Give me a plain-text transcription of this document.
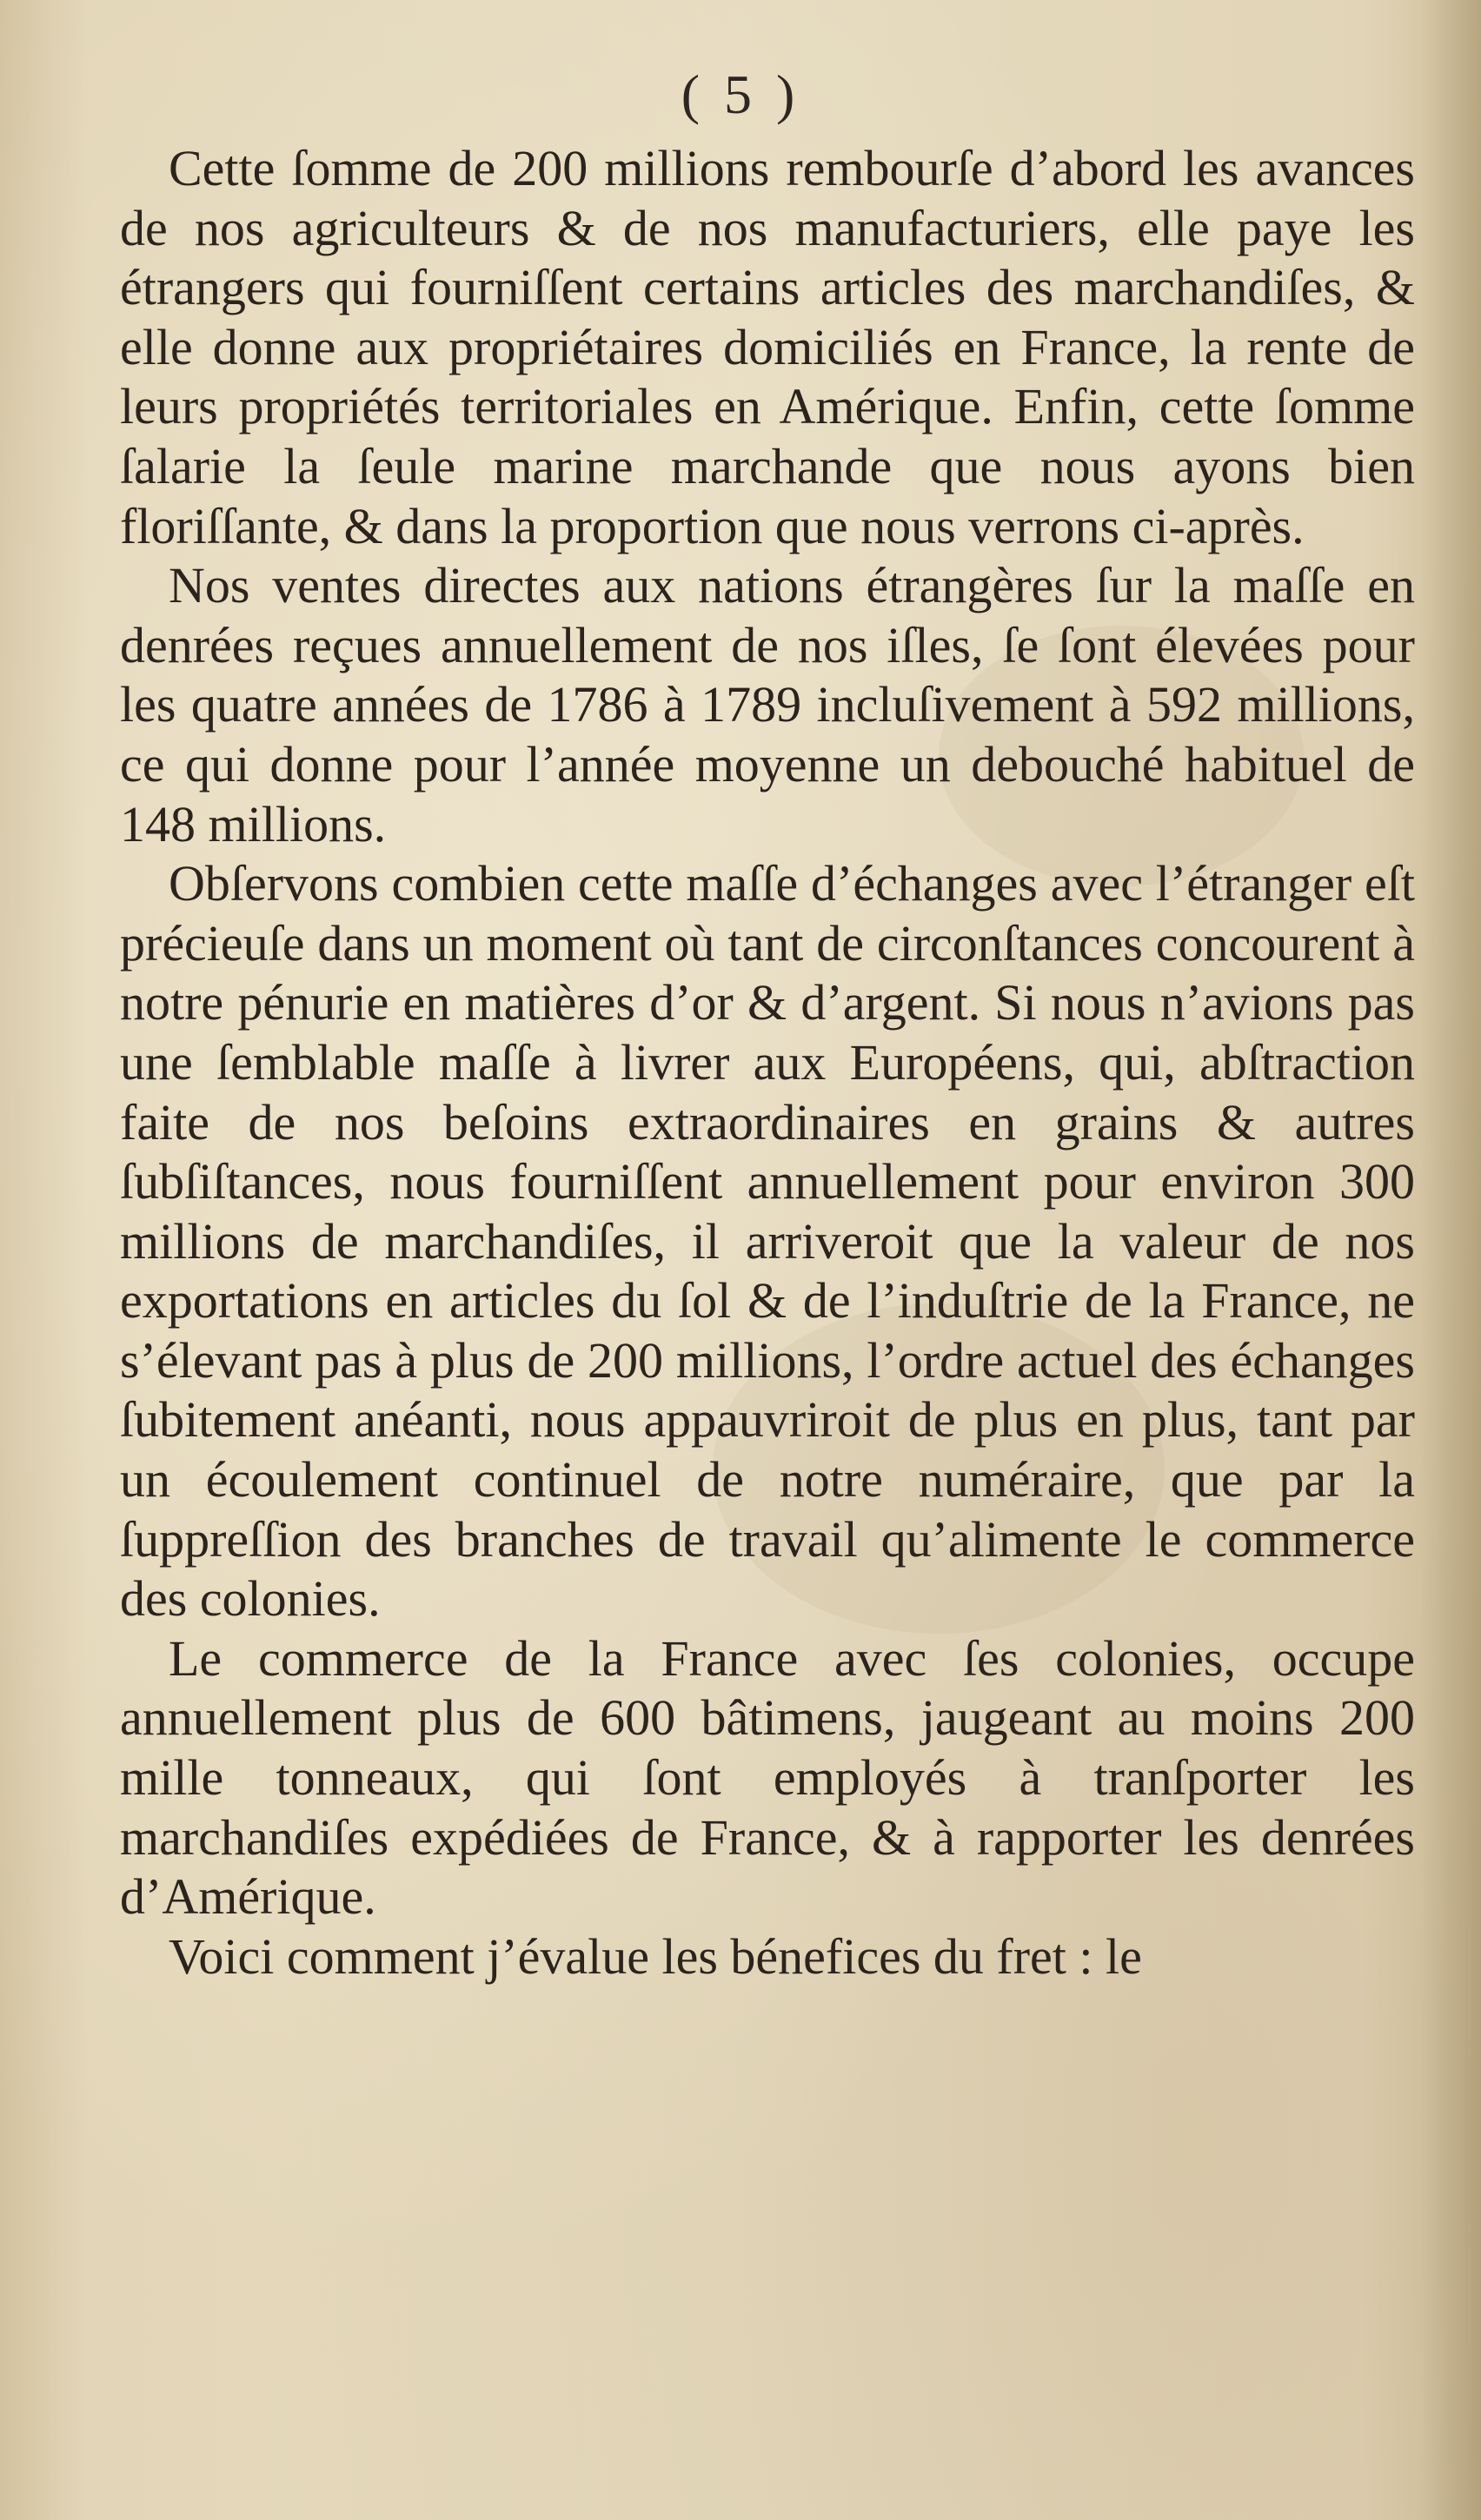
( 5 )

Cette ſomme de 200 millions rembourſe d’abord les avances de nos agriculteurs & de nos manufacturiers, elle paye les étrangers qui fourniſſent certains articles des marchandiſes, & elle donne aux propriétaires domiciliés en France, la rente de leurs propriétés territoriales en Amérique. Enfin, cette ſomme ſalarie la ſeule marine marchande que nous ayons bien floriſſante, & dans la proportion que nous verrons ci-après.

Nos ventes directes aux nations étrangères ſur la maſſe en denrées reçues annuellement de nos iſles, ſe ſont élevées pour les quatre années de 1786 à 1789 incluſivement à 592 millions, ce qui donne pour l’année moyenne un debouché habituel de 148 millions.

Obſervons combien cette maſſe d’échanges avec l’étranger eſt précieuſe dans un moment où tant de circonſtances concourent à notre pénurie en matières d’or & d’argent. Si nous n’avions pas une ſemblable maſſe à livrer aux Européens, qui, abſtraction faite de nos beſoins extraordinaires en grains & autres ſubſiſtances, nous fourniſſent annuellement pour environ 300 millions de marchandiſes, il arriveroit que la valeur de nos exportations en articles du ſol & de l’induſtrie de la France, ne s’élevant pas à plus de 200 millions, l’ordre actuel des échanges ſubitement anéanti, nous appauvriroit de plus en plus, tant par un écoulement continuel de notre numéraire, que par la ſuppreſſion des branches de travail qu’alimente le commerce des colonies.

Le commerce de la France avec ſes colonies, occupe annuellement plus de 600 bâtimens, jaugeant au moins 200 mille tonneaux, qui ſont employés à tranſporter les marchandiſes expédiées de France, & à rapporter les denrées d’Amérique.

Voici comment j’évalue les bénefices du fret : le
